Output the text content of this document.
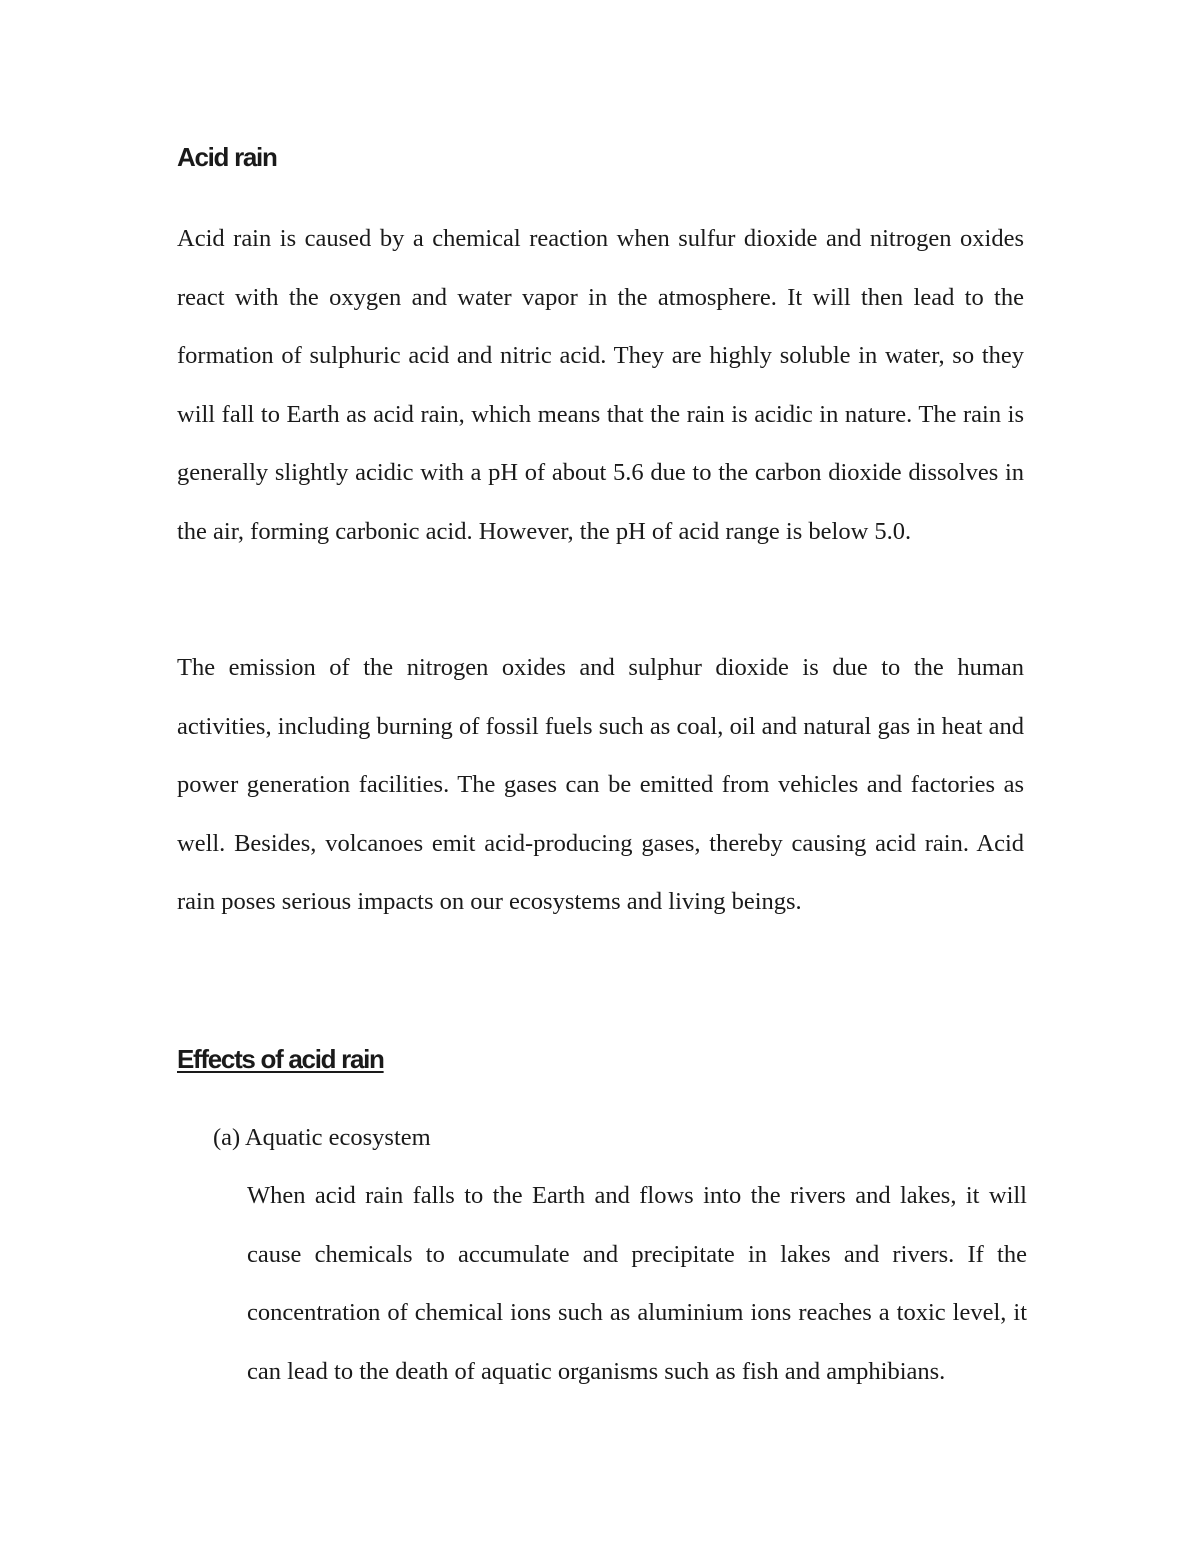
Acid rain

Acid rain is caused by a chemical reaction when sulfur dioxide and nitrogen oxides react with the oxygen and water vapor in the atmosphere. It will then lead to the formation of sulphuric acid and nitric acid. They are highly soluble in water, so they will fall to Earth as acid rain, which means that the rain is acidic in nature. The rain is generally slightly acidic with a pH of about 5.6 due to the carbon dioxide dissolves in the air, forming carbonic acid. However, the pH of acid range is below 5.0.

The emission of the nitrogen oxides and sulphur dioxide is due to the human activities, including burning of fossil fuels such as coal, oil and natural gas in heat and power generation facilities. The gases can be emitted from vehicles and factories as well. Besides, volcanoes emit acid-producing gases, thereby causing acid rain. Acid rain poses serious impacts on our ecosystems and living beings.

Effects of acid rain

(a) Aquatic ecosystem

When acid rain falls to the Earth and flows into the rivers and lakes, it will cause chemicals to accumulate and precipitate in lakes and rivers. If the concentration of chemical ions such as aluminium ions reaches a toxic level, it can lead to the death of aquatic organisms such as fish and amphibians.
